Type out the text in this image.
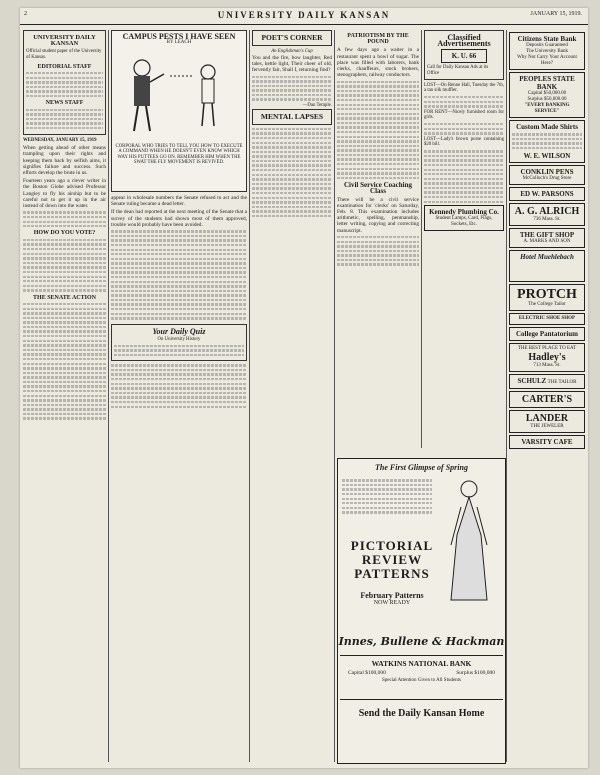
2	UNIVERSITY DAILY KANSAN	JANUARY 15, 1919.
UNIVERSITY DAILY KANSAN
Official student paper of the University of Kansas.
EDITORIAL STAFF
NEWS STAFF
WEDNESDAY, JANUARY 15, 1919

When getting ahead of other means trampling upon their rights and keeping them back by selfish aims, it signifies failure and success. Such efforts develop the brute in us.

Fourteen years ago a clever writer in the Boston Globe advised Professor Langley to fly his airship but to be careful not to get it up in the air instead of down into the water.

HOW DO YOU VOTE?
THE SENATE ACTION
CAMPUS PESTS I HAVE SEEN
BY LEACH
CORPORAL WHO TRIES TO TELL YOU HOW TO EXECUTE A COMMAND WHEN HE DOESN'T EVEN KNOW WHICH WAY HIS PUTTEES GO ON. REMEMBER HIM WHEN THE SWAT THE FLY MOVEMENT IS REVIVED.

appear in wholesale numbers the Senate refused to act and the Senate ruling became a dead letter.

If the dean had reported at the next meeting of the Senate that a survey of the students had shown most of them approved, trouble would probably have been avoided.

Your Daily Quiz
On University History
POET'S CORNER
An Englishman's Cup

You and the fire, how laughter, Red tales, kettle light, Their cheer of old, fervently fair, Shall I, returning find?

—Dan Temple.
MENTAL LAPSES
PATRIOTISM BY THE POUND

A few days ago a waiter in a restaurant spent a bowl of sugar. The place was filled with laborers, bank clerks, chauffeurs, stock brokers, stenographers, railway conductors.

Civil Service Coaching Class

There will be a civil service examination for 'clerks' on Saturday, Feb. 8. This examination includes arithmetic, spelling, penmanship, letter writing, copying and correcting manuscript.

Classified Advertisements
K. U. 66
Call for Daily Kansan Ads at its Office

LOST—On Renne Hall, Tuesday the 7th, a tan silk muffler.

FOR RENT—Nicely furnished room for girls.

LOST—Lady's brown purse containing $20 bill.

Kennedy Plumbing Co.
Student Lamps, Card, Flags, Sockets, Etc.
The First Glimpse of Spring
PICTORIAL
REVIEW
PATTERNS
February Patterns
NOW READY
Innes, Bullene & Hackman
WATKINS NATIONAL BANK
Capital $100,000	Surplus $100,000
Special Attention Given to All Students
Send the Daily Kansan Home
Citizens State Bank
Deposits Guaranteed
The University Bank
Why Not Carry Your Account Here?
PEOPLES STATE BANK
Capital $50,000.00
Surplus $50,000.00
"EVERY BANKING SERVICE"
Custom Made Shirts
W. E. WILSON
CONKLIN PENS
McColloch's Drug Store
ED W. PARSONS
A. G. ALRICH
736 Mass. St.
THE GIFT SHOP
A. MARKS AND SON
Hotel Muehlebach
PROTCH
The College Tailor
ELECTRIC SHOE SHOP
College Pantatorium
THE BEST PLACE TO EAT
Hadley's
713 Mass. St.
SCHULZ THE TAILOR
CARTER'S
LANDER
THE JEWELER
VARSITY CAFE
